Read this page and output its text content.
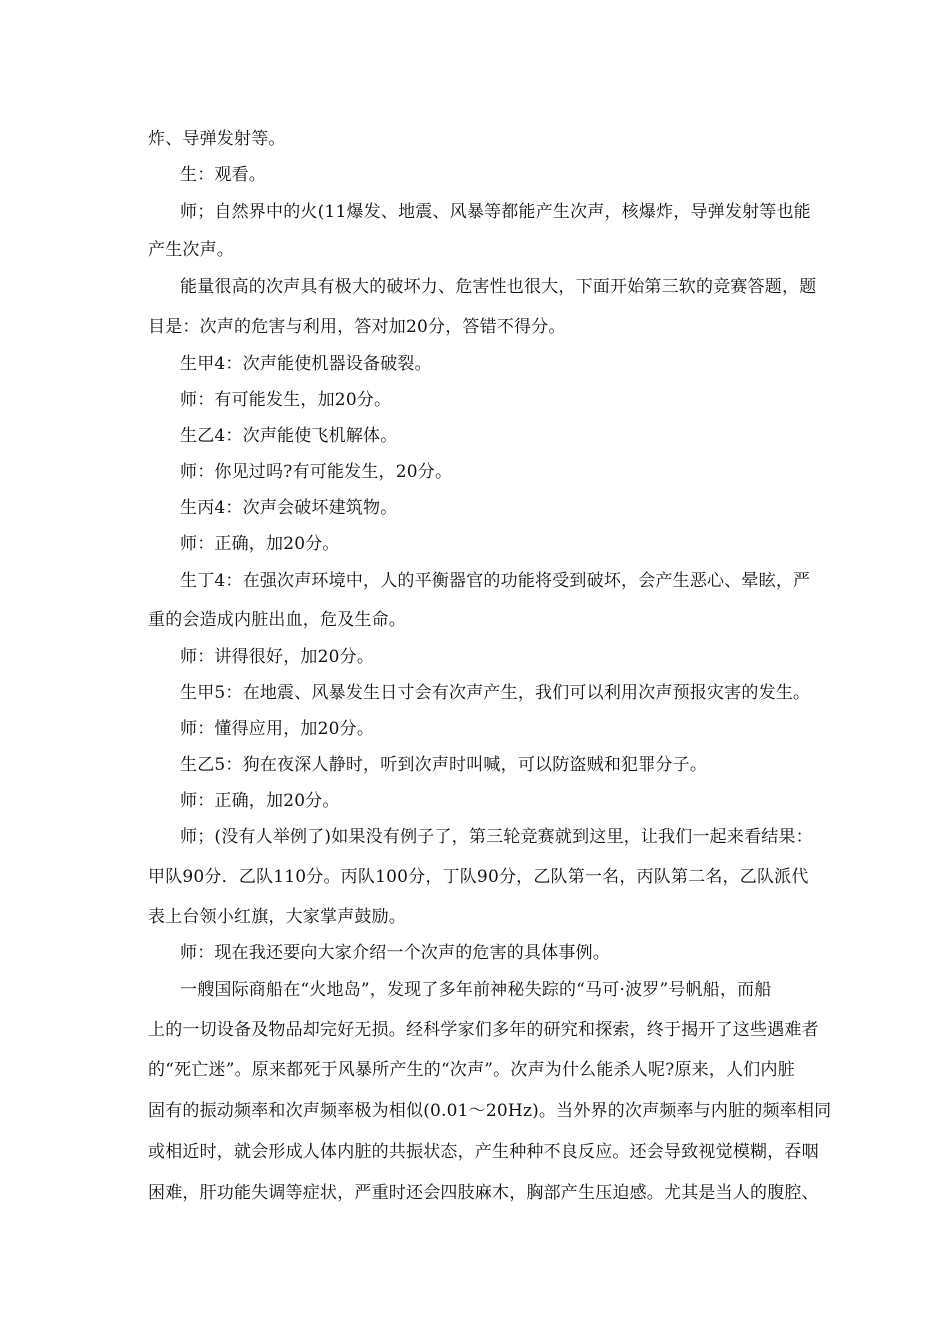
炸、导弹发射等。
生：观看。
师；自然界中的火(11爆发、地震、风暴等都能产生次声，核爆炸，导弹发射等也能
产生次声。
能量很高的次声具有极大的破坏力、危害性也很大，下面开始第三软的竞赛答题，题
目是：次声的危害与利用，答对加20分，答错不得分。
生甲4：次声能使机器设备破裂。
师：有可能发生，加20分。
生乙4：次声能使飞机解体。
师：你见过吗?有可能发生，20分。
生丙4：次声会破坏建筑物。
师：正确，加20分。
生丁4：在强次声环境中，人的平衡器官的功能将受到破坏，会产生恶心、晕眩，严
重的会造成内脏出血，危及生命。
师：讲得很好，加20分。
生甲5：在地震、风暴发生日寸会有次声产生，我们可以利用次声预报灾害的发生。
师：懂得应用，加20分。
生乙5：狗在夜深人静时，听到次声时叫喊，可以防盗贼和犯罪分子。
师：正确，加20分。
师；(没有人举例了)如果没有例子了，第三轮竞赛就到这里，让我们一起来看结果：
甲队90分．乙队110分。丙队100分，丁队90分，乙队第一名，丙队第二名，乙队派代
表上台领小红旗，大家掌声鼓励。
师：现在我还要向大家介绍一个次声的危害的具体事例。
一艘国际商船在“火地岛”，发现了多年前神秘失踪的“马可·波罗”号帆船，而船
上的一切设备及物品却完好无损。经科学家们多年的研究和探索，终于揭开了这些遇难者
的“死亡迷”。原来都死于风暴所产生的“次声”。次声为什么能杀人呢?原来，人们内脏
固有的振动频率和次声频率极为相似(0.01～20Hz)。当外界的次声频率与内脏的频率相同
或相近时，就会形成人体内脏的共振状态，产生种种不良反应。还会导致视觉模糊，吞咽
困难，肝功能失调等症状，严重时还会四肢麻木，胸部产生压迫感。尤其是当人的腹腔、
